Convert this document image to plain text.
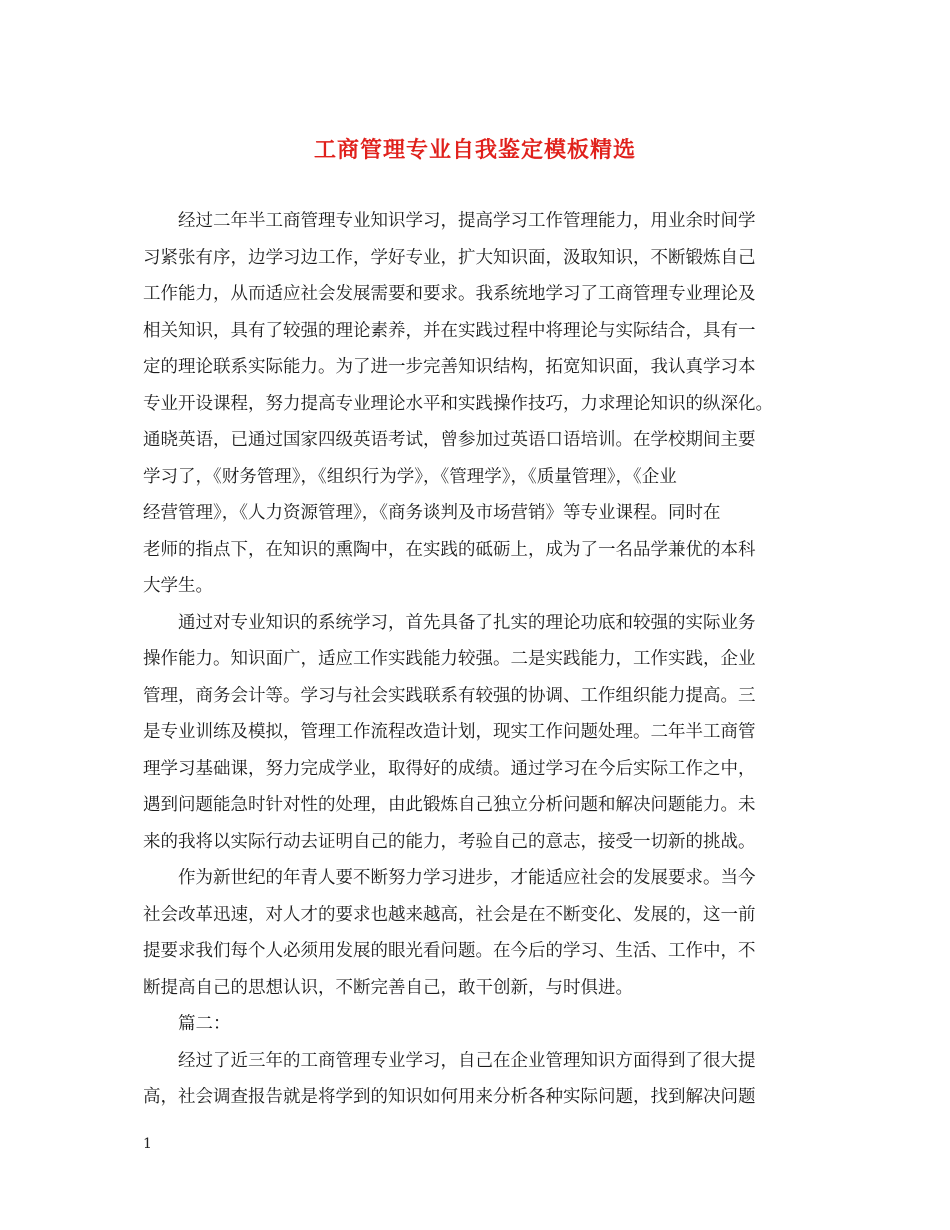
工商管理专业自我鉴定模板精选

经过二年半工商管理专业知识学习，提高学习工作管理能力，用业余时间学

习紧张有序，边学习边工作，学好专业，扩大知识面，汲取知识，不断锻炼自己

工作能力，从而适应社会发展需要和要求。我系统地学习了工商管理专业理论及

相关知识，具有了较强的理论素养，并在实践过程中将理论与实际结合，具有一

定的理论联系实际能力。为了进一步完善知识结构，拓宽知识面，我认真学习本

专业开设课程，努力提高专业理论水平和实践操作技巧，力求理论知识的纵深化。

通晓英语，已通过国家四级英语考试，曾参加过英语口语培训。在学校期间主要

学习了，《财务管理》，《组织行为学》，《管理学》，《质量管理》，《企业

经营管理》，《人力资源管理》，《商务谈判及市场营销》等专业课程。同时在

老师的指点下，在知识的熏陶中，在实践的砥砺上，成为了一名品学兼优的本科

大学生。

通过对专业知识的系统学习，首先具备了扎实的理论功底和较强的实际业务

操作能力。知识面广，适应工作实践能力较强。二是实践能力，工作实践，企业

管理，商务会计等。学习与社会实践联系有较强的协调、工作组织能力提高。三

是专业训练及模拟，管理工作流程改造计划，现实工作问题处理。二年半工商管

理学习基础课，努力完成学业，取得好的成绩。通过学习在今后实际工作之中，

遇到问题能急时针对性的处理，由此锻炼自己独立分析问题和解决问题能力。未

来的我将以实际行动去证明自己的能力，考验自己的意志，接受一切新的挑战。

作为新世纪的年青人要不断努力学习进步，才能适应社会的发展要求。当今

社会改革迅速，对人才的要求也越来越高，社会是在不断变化、发展的，这一前

提要求我们每个人必须用发展的眼光看问题。在今后的学习、生活、工作中，不

断提高自己的思想认识，不断完善自己，敢干创新，与时俱进。

篇二：

经过了近三年的工商管理专业学习，自己在企业管理知识方面得到了很大提

高，社会调查报告就是将学到的知识如何用来分析各种实际问题，找到解决问题

1
